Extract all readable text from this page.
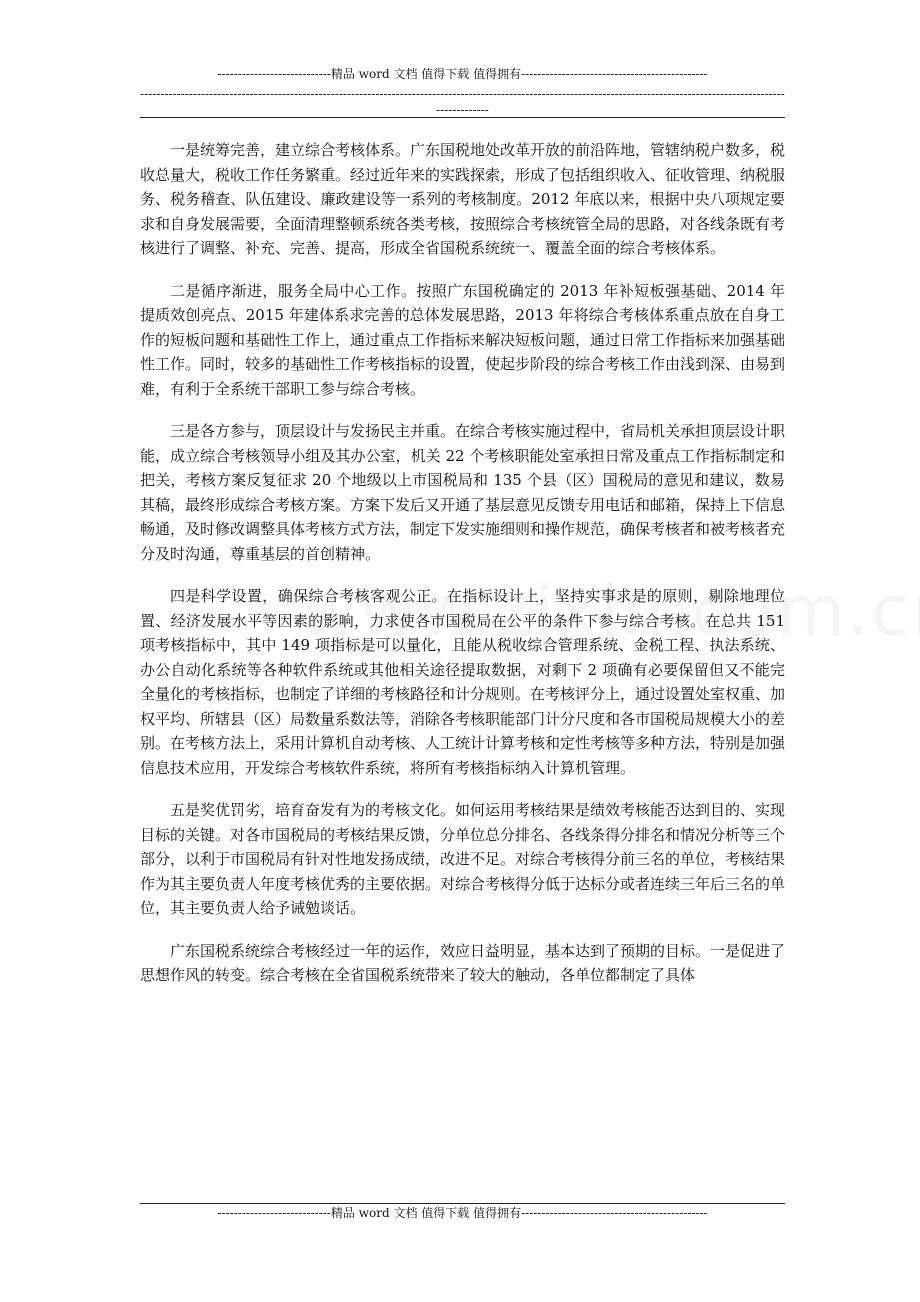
----------------------------精品 word 文档 值得下载 值得拥有----------------------------------------------
----------------------------------------------------------------------------------------------------------------------------------------------------------------------------

一是统筹完善，建立综合考核体系。广东国税地处改革开放的前沿阵地，管辖纳税户数多，税收总量大，税收工作任务繁重。经过近年来的实践探索，形成了包括组织收入、征收管理、纳税服务、税务稽查、队伍建设、廉政建设等一系列的考核制度。2012 年底以来，根据中央八项规定要求和自身发展需要，全面清理整顿系统各类考核，按照综合考核统管全局的思路，对各线条既有考核进行了调整、补充、完善、提高，形成全省国税系统统一、覆盖全面的综合考核体系。

二是循序渐进，服务全局中心工作。按照广东国税确定的 2013 年补短板强基础、2014 年提质效创亮点、2015 年建体系求完善的总体发展思路，2013 年将综合考核体系重点放在自身工作的短板问题和基础性工作上，通过重点工作指标来解决短板问题，通过日常工作指标来加强基础性工作。同时，较多的基础性工作考核指标的设置，使起步阶段的综合考核工作由浅到深、由易到难，有利于全系统干部职工参与综合考核。

三是各方参与，顶层设计与发扬民主并重。在综合考核实施过程中，省局机关承担顶层设计职能，成立综合考核领导小组及其办公室，机关 22 个考核职能处室承担日常及重点工作指标制定和把关，考核方案反复征求 20 个地级以上市国税局和 135 个县（区）国税局的意见和建议，数易其稿，最终形成综合考核方案。方案下发后又开通了基层意见反馈专用电话和邮箱，保持上下信息畅通，及时修改调整具体考核方式方法，制定下发实施细则和操作规范，确保考核者和被考核者充分及时沟通，尊重基层的首创精神。

四是科学设置，确保综合考核客观公正。在指标设计上，坚持实事求是的原则，剔除地理位置、经济发展水平等因素的影响，力求使各市国税局在公平的条件下参与综合考核。在总共 151 项考核指标中，其中 149 项指标是可以量化，且能从税收综合管理系统、金税工程、执法系统、办公自动化系统等各种软件系统或其他相关途径提取数据，对剩下 2 项确有必要保留但又不能完全量化的考核指标，也制定了详细的考核路径和计分规则。在考核评分上，通过设置处室权重、加权平均、所辖县（区）局数量系数法等，消除各考核职能部门计分尺度和各市国税局规模大小的差别。在考核方法上，采用计算机自动考核、人工统计计算考核和定性考核等多种方法，特别是加强信息技术应用，开发综合考核软件系统，将所有考核指标纳入计算机管理。

五是奖优罚劣，培育奋发有为的考核文化。如何运用考核结果是绩效考核能否达到目的、实现目标的关键。对各市国税局的考核结果反馈，分单位总分排名、各线条得分排名和情况分析等三个部分，以利于市国税局有针对性地发扬成绩，改进不足。对综合考核得分前三名的单位，考核结果作为其主要负责人年度考核优秀的主要依据。对综合考核得分低于达标分或者连续三年后三名的单位，其主要负责人给予诫勉谈话。

广东国税系统综合考核经过一年的运作，效应日益明显，基本达到了预期的目标。一是促进了思想作风的转变。综合考核在全省国税系统带来了较大的触动，各单位都制定了具体

----------------------------精品 word 文档 值得下载 值得拥有----------------------------------------------
